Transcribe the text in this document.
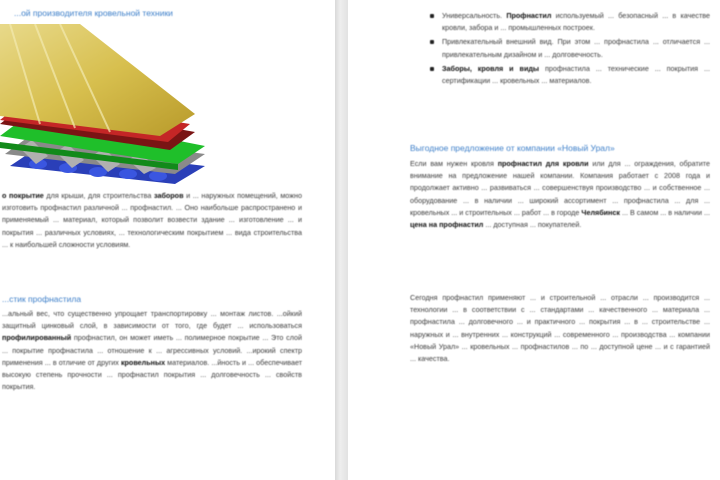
...ой производителя кровельной техники

о покрытие для крыши, для строительства заборов и ... наружных помещений, можно изготовить профнастил различной ... профнастил. ... Оно наибольше распространено и применяемый ... материал, который позволит возвести здание ... изготовление ... и покрытия ... различных условиях, ... технологическим покрытием ... вида строительства ... к наибольшей сложности условиям.

...стик профнастила

...альный вес, что существенно упрощает транспортировку ... монтаж листов. ...ойкий защитный цинковый слой, в зависимости от того, где будет ... использоваться профилированный профнастил, он может иметь ... полимерное покрытие ... Это слой ... покрытие профнастила ... отношение к ... агрессивных условий. ...ирокий спектр применения ... в отличие от других кровельных материалов. ...йность и ... обеспечивает высокую степень прочности ... профнастил покрытия ... долговечность ... свойств покрытия.

Универсальность. Профнастил используемый ... безопасный ... в качестве кровли, забора и ... промышленных построек.
Привлекательный внешний вид. При этом ... профнастила ... отличается ... привлекательным дизайном и ... долговечность.
Заборы, кровля и виды профнастила ... технические ... покрытия ... сертификации ... кровельных ... материалов.
Выгодное предложение от компании «Новый Урал»

Если вам нужен кровля профнастил для кровли или для ... ограждения, обратите внимание на предложение нашей компании. Компания работает с 2008 года и продолжает активно ... развиваться ... совершенствуя производство ... и собственное ... оборудование ... в наличии ... широкий ассортимент ... профнастила ... для ... кровельных ... и строительных ... работ ... в городе Челябинск ... В самом ... в наличии ... цена на профнастил ... доступная ... покупателей.

Сегодня профнастил применяют ... и строительной ... отрасли ... производится ... технологии ... в соответствии с ... стандартами ... качественного ... материала ... профнастила ... долговечного ... и практичного ... покрытия ... в ... строительстве ... наружных и ... внутренних ... конструкций ... современного ... производства ... компании «Новый Урал» ... кровельных ... профнастилов ... по ... доступной цене ... и с гарантией ... качества.
